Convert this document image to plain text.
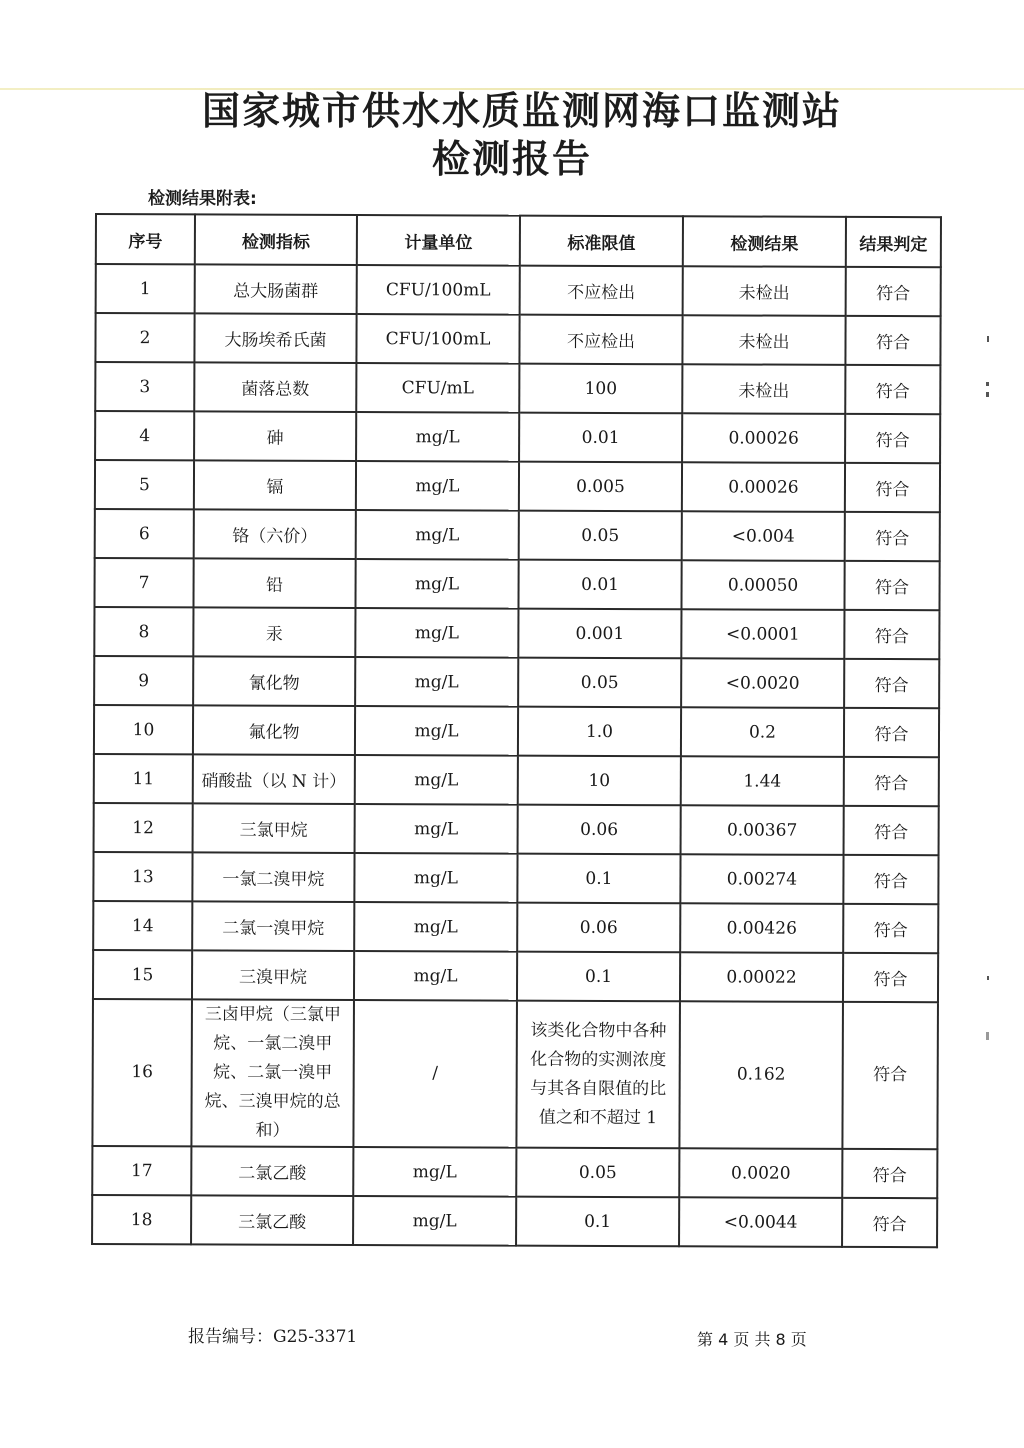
国家城市供水水质监测网海口监测站
检测报告
检测结果附表:
序号	检测指标	计量单位	标准限值	检测结果	结果判定
1	总大肠菌群	CFU/100mL	不应检出	未检出	符合
2	大肠埃希氏菌	CFU/100mL	不应检出	未检出	符合
3	菌落总数	CFU/mL	100	未检出	符合
4	砷	mg/L	0.01	0.00026	符合
5	镉	mg/L	0.005	0.00026	符合
6	铬（六价）	mg/L	0.05	<0.004	符合
7	铅	mg/L	0.01	0.00050	符合
8	汞	mg/L	0.001	<0.0001	符合
9	氰化物	mg/L	0.05	<0.0020	符合
10	氟化物	mg/L	1.0	0.2	符合
11	硝酸盐（以 N 计）	mg/L	10	1.44	符合
12	三氯甲烷	mg/L	0.06	0.00367	符合
13	一氯二溴甲烷	mg/L	0.1	0.00274	符合
14	二氯一溴甲烷	mg/L	0.06	0.00426	符合
15	三溴甲烷	mg/L	0.1	0.00022	符合
16	三卤甲烷（三氯甲烷、一氯二溴甲烷、二氯一溴甲烷、三溴甲烷的总和）	/	该类化合物中各种化合物的实测浓度与其各自限值的比值之和不超过 1	0.162	符合
17	二氯乙酸	mg/L	0.05	0.0020	符合
18	三氯乙酸	mg/L	0.1	<0.0044	符合
报告编号：G25-3371	第 4 页 共 8 页
